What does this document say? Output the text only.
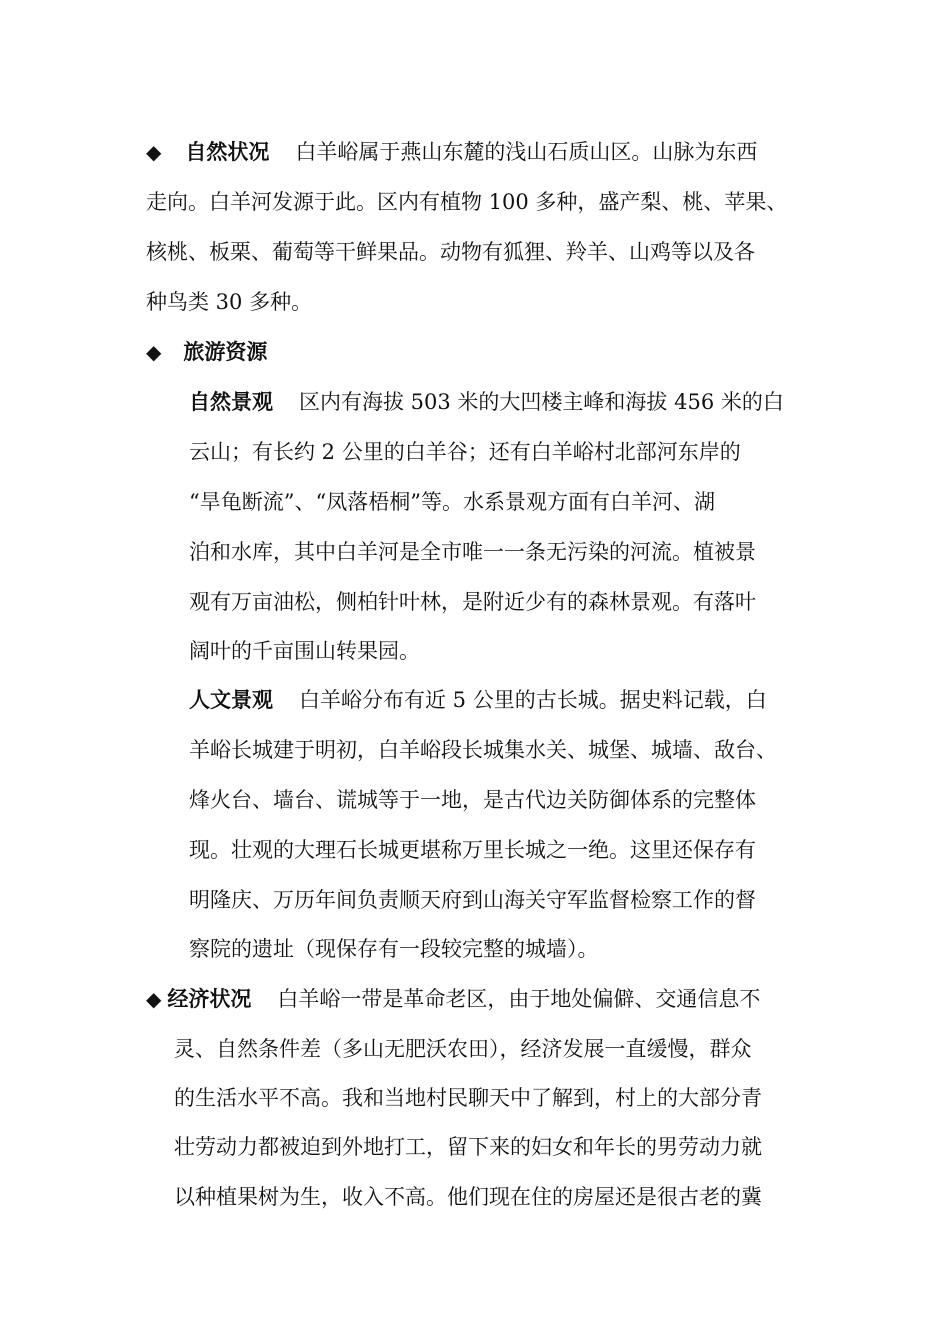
◆ 自然状况 白羊峪属于燕山东麓的浅山石质山区。山脉为东西
走向。白羊河发源于此。区内有植物 100 多种，盛产梨、桃、苹果、
核桃、板栗、葡萄等干鲜果品。动物有狐狸、羚羊、山鸡等以及各
种鸟类 30 多种。
◆ 旅游资源
自然景观 区内有海拔 503 米的大凹楼主峰和海拔 456 米的白
云山；有长约 2 公里的白羊谷；还有白羊峪村北部河东岸的
“旱龟断流”、“凤落梧桐”等。水系景观方面有白羊河、湖
泊和水库，其中白羊河是全市唯一一条无污染的河流。植被景
观有万亩油松，侧柏针叶林，是附近少有的森林景观。有落叶
阔叶的千亩围山转果园。
人文景观 白羊峪分布有近 5 公里的古长城。据史料记载，白
羊峪长城建于明初，白羊峪段长城集水关、城堡、城墙、敌台、
烽火台、墙台、谎城等于一地，是古代边关防御体系的完整体
现。壮观的大理石长城更堪称万里长城之一绝。这里还保存有
明隆庆、万历年间负责顺天府到山海关守军监督检察工作的督
察院的遗址（现保存有一段较完整的城墙）。
◆ 经济状况 白羊峪一带是革命老区，由于地处偏僻、交通信息不
灵、自然条件差（多山无肥沃农田），经济发展一直缓慢，群众
的生活水平不高。我和当地村民聊天中了解到，村上的大部分青
壮劳动力都被迫到外地打工，留下来的妇女和年长的男劳动力就
以种植果树为生，收入不高。他们现在住的房屋还是很古老的冀
